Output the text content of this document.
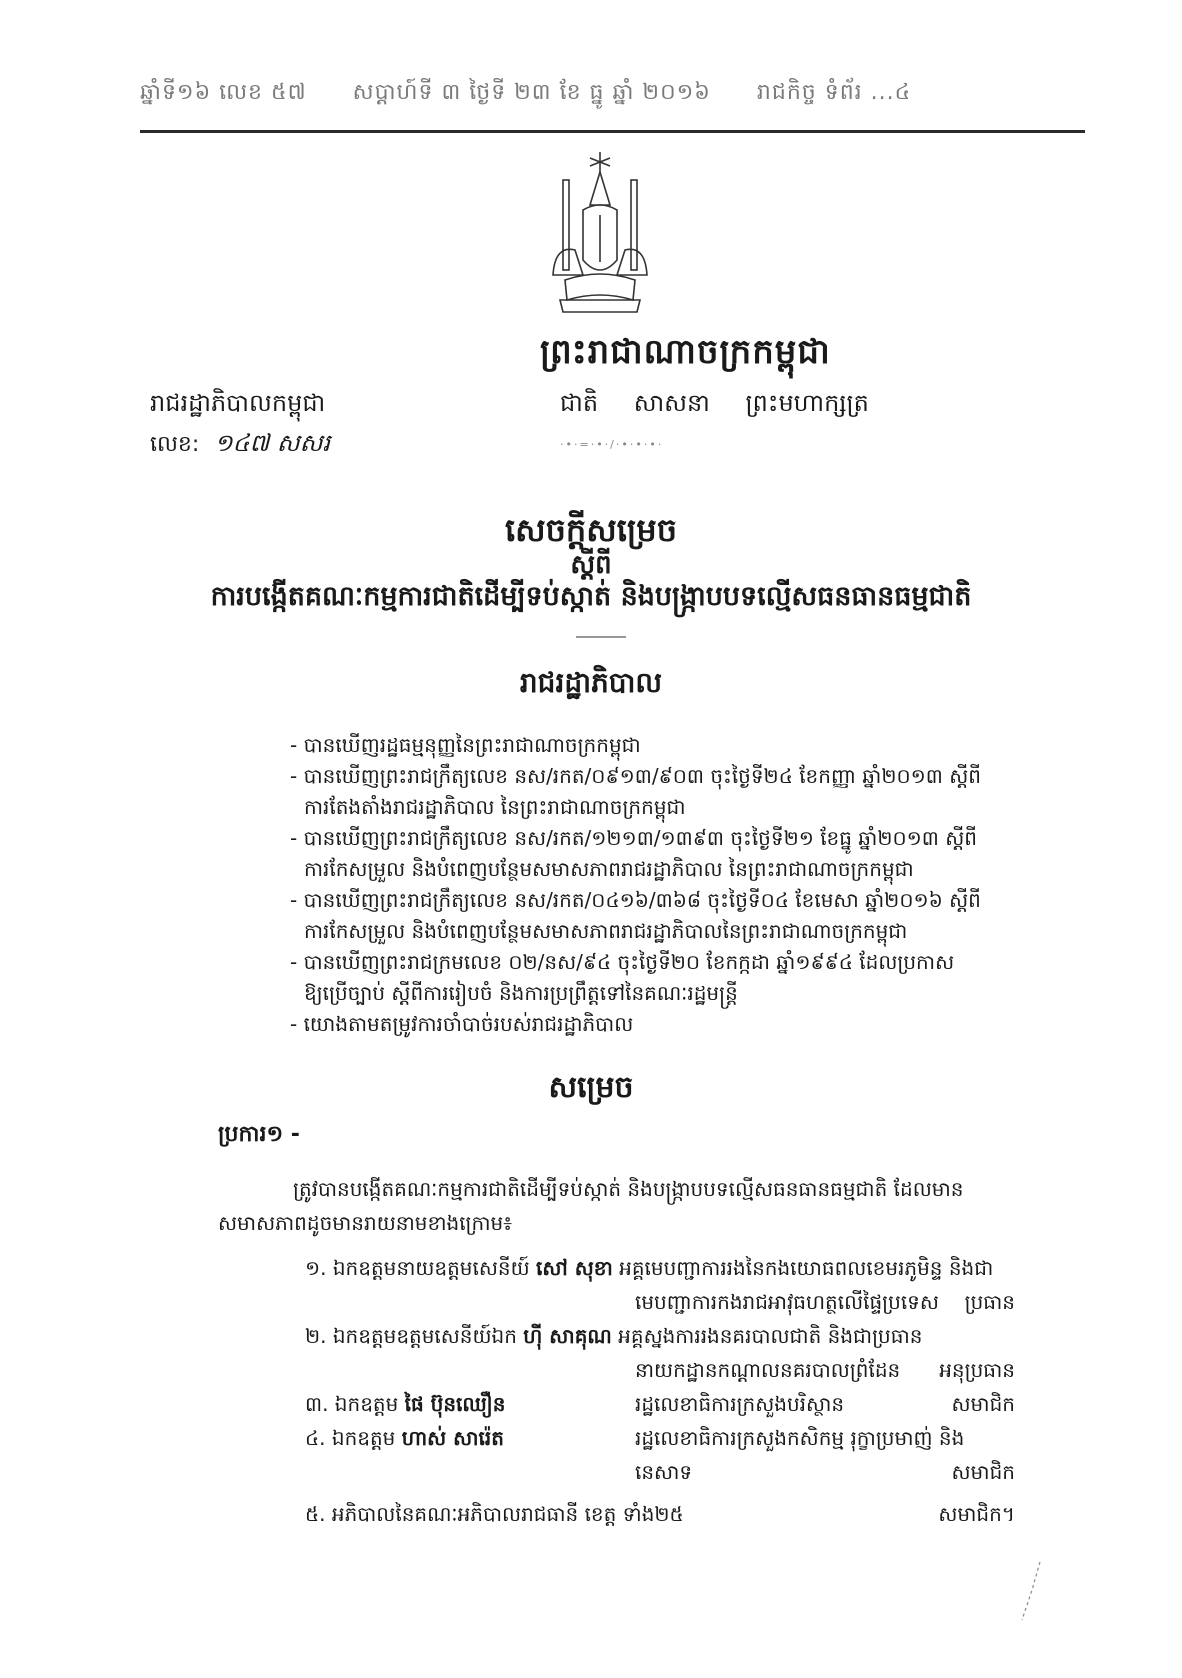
ឆ្នាំទី១៦ លេខ ៥៧ សប្តាហ៍ទី ៣ ថ្ងៃទី ២៣ ខែ ធ្នូ ឆ្នាំ ២០១៦ រាជកិច្ច ទំព័រ ...៤
ព្រះរាជាណាចក្រកម្ពុជា
រាជរដ្ឋាភិបាលកម្ពុជា	ជាតិ សាសនា ព្រះមហាក្សត្រ
លេខ: ១៤៧ សសរ	·•·=·•·/·•·•·•·
សេចក្តីសម្រេច
ស្តីពី
ការបង្កើតគណៈកម្មការជាតិដើម្បីទប់ស្កាត់ និងបង្ក្រាបបទល្មើសធនធានធម្មជាតិ
រាជរដ្ឋាភិបាល
- បានឃើញរដ្ឋធម្មនុញ្ញនៃព្រះរាជាណាចក្រកម្ពុជា
- បានឃើញព្រះរាជក្រឹត្យលេខ នស/រកត/០៩១៣/៩០៣ ចុះថ្ងៃទី២៤ ខែកញ្ញា ឆ្នាំ២០១៣ ស្តីពី
ការតែងតាំងរាជរដ្ឋាភិបាល នៃព្រះរាជាណាចក្រកម្ពុជា
- បានឃើញព្រះរាជក្រឹត្យលេខ នស/រកត/១២១៣/១៣៩៣ ចុះថ្ងៃទី២១ ខែធ្នូ ឆ្នាំ២០១៣ ស្តីពី
ការកែសម្រួល និងបំពេញបន្ថែមសមាសភាពរាជរដ្ឋាភិបាល នៃព្រះរាជាណាចក្រកម្ពុជា
- បានឃើញព្រះរាជក្រឹត្យលេខ នស/រកត/០៤១៦/៣៦៨ ចុះថ្ងៃទី០៤ ខែមេសា ឆ្នាំ២០១៦ ស្តីពី
ការកែសម្រួល និងបំពេញបន្ថែមសមាសភាពរាជរដ្ឋាភិបាលនៃព្រះរាជាណាចក្រកម្ពុជា
- បានឃើញព្រះរាជក្រមលេខ ០២/នស/៩៤ ចុះថ្ងៃទី២០ ខែកក្កដា ឆ្នាំ១៩៩៤ ដែលប្រកាស
ឱ្យប្រើច្បាប់ ស្តីពីការរៀបចំ និងការប្រព្រឹត្តទៅនៃគណៈរដ្ឋមន្ត្រី
- យោងតាមតម្រូវការចាំបាច់របស់រាជរដ្ឋាភិបាល
សម្រេច
ប្រការ១ -
ត្រូវបានបង្កើតគណៈកម្មការជាតិដើម្បីទប់ស្កាត់ និងបង្ក្រាបបទល្មើសធនធានធម្មជាតិ ដែលមាន
សមាសភាពដូចមានរាយនាមខាងក្រោម៖
១. ឯកឧត្តមនាយឧត្តមសេនីយ៍ សៅ សុខា អគ្គមេបញ្ជាការរងនៃកងយោធពលខេមរភូមិន្ទ និងជា
មេបញ្ជាការកងរាជអាវុធហត្ថលើផ្ទៃប្រទេស ប្រធាន
២. ឯកឧត្តមឧត្តមសេនីយ៍ឯក ហ៊ី សាគុណ អគ្គស្នងការរងនគរបាលជាតិ និងជាប្រធាន
នាយកដ្ឋានកណ្តាលនគរបាលព្រំដែន អនុប្រធាន
៣. ឯកឧត្តម ផៃ ប៊ុនឈឿន	រដ្ឋលេខាធិការក្រសួងបរិស្ថាន	សមាជិក
៤. ឯកឧត្តម ហាស់ សារ៉េត	រដ្ឋលេខាធិការក្រសួងកសិកម្ម រុក្ខាប្រមាញ់ និង
នេសាទ	សមាជិក
៥. អភិបាលនៃគណៈអភិបាលរាជធានី ខេត្ត ទាំង២៥	សមាជិក។
